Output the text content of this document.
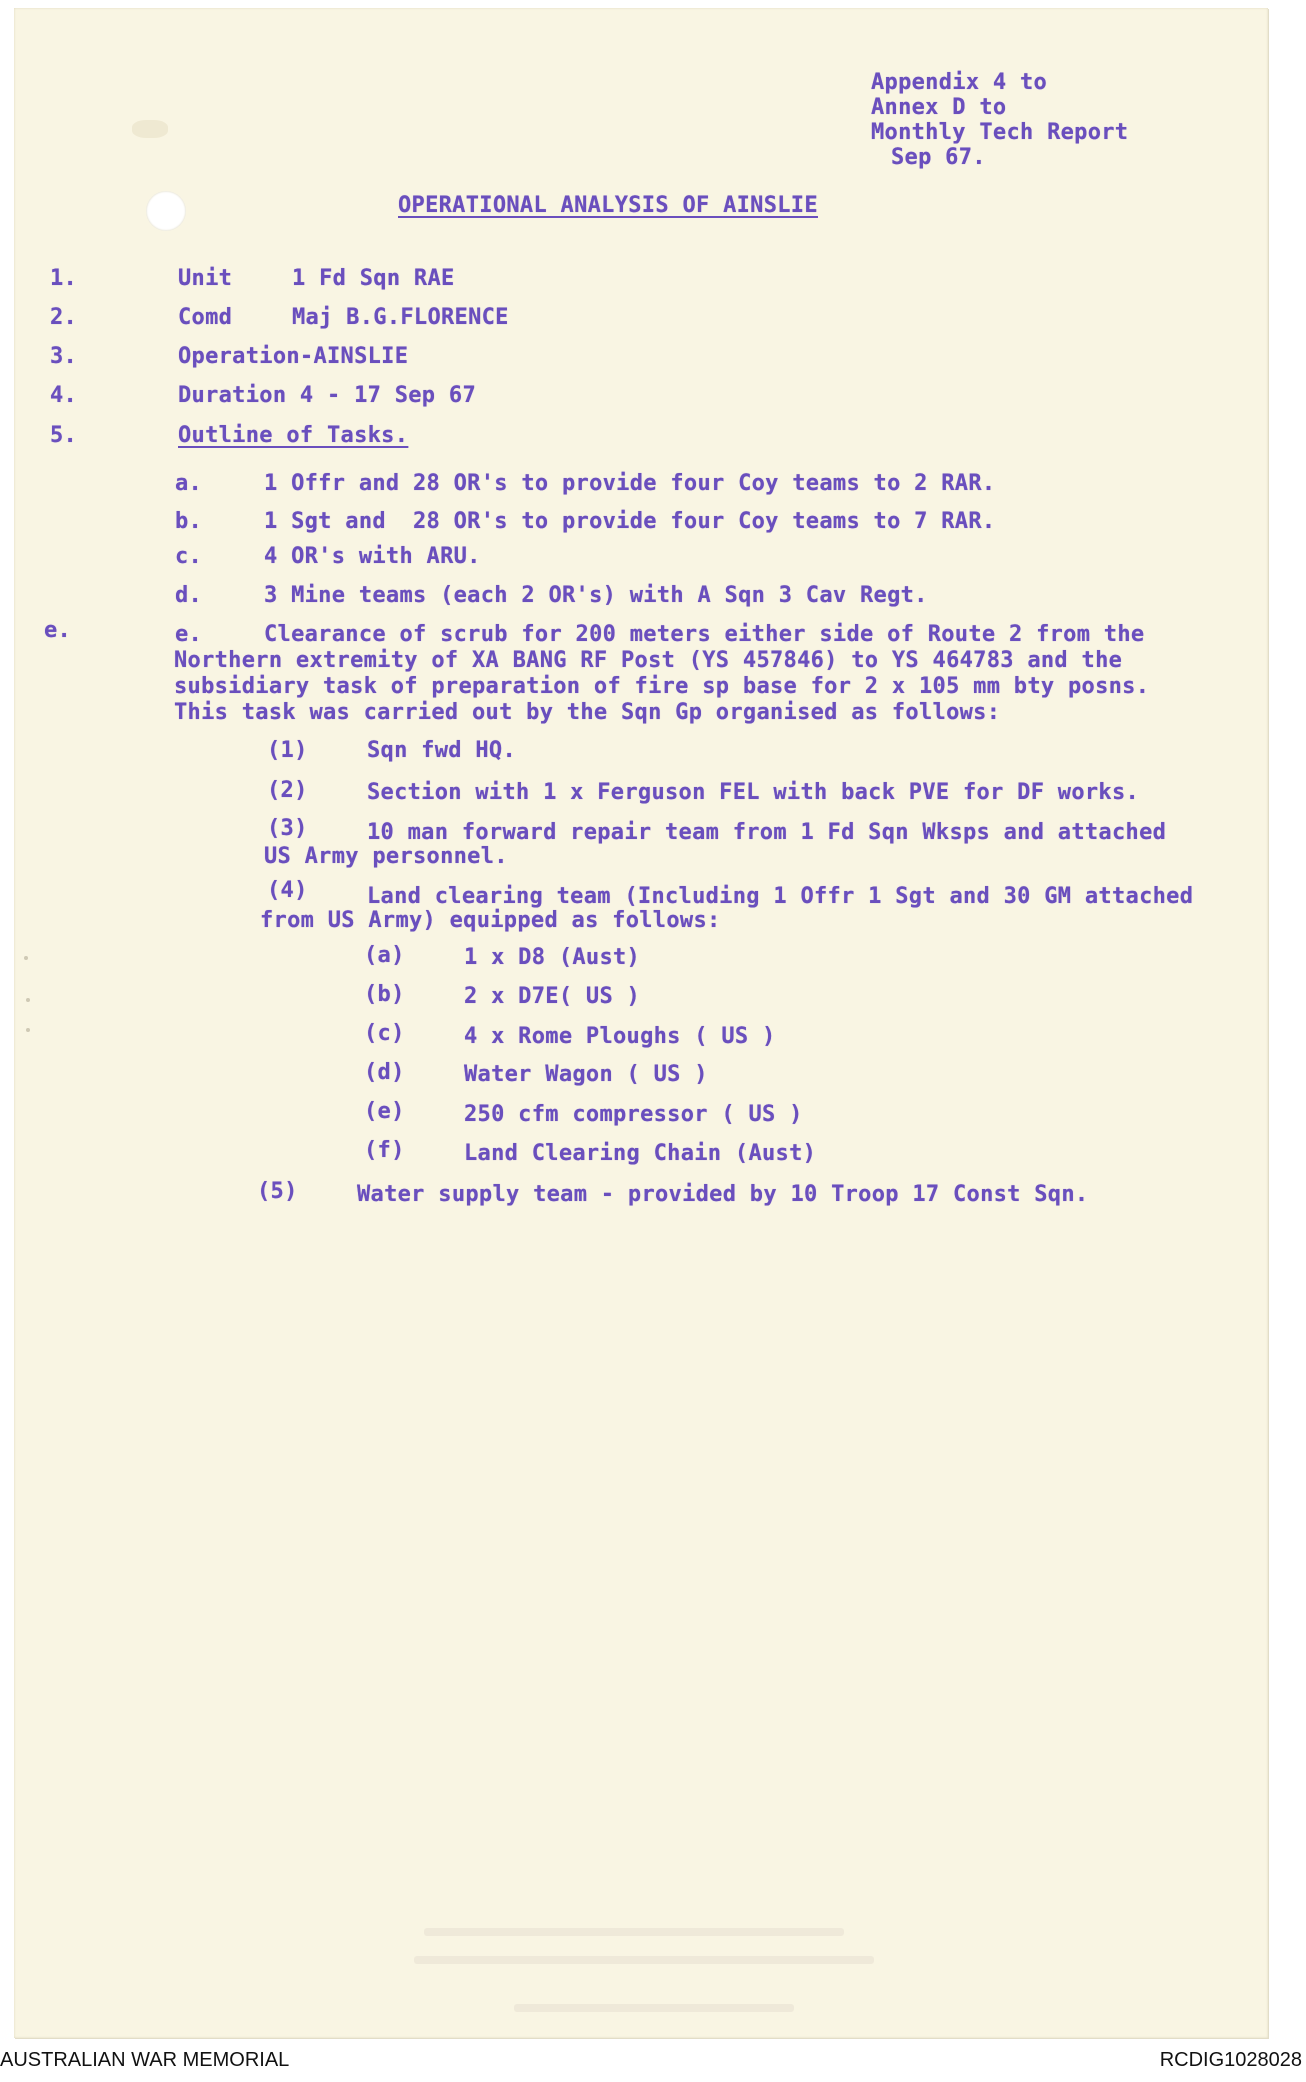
Appendix 4 to
Annex D to
Monthly Tech Report
Sep 67.
OPERATIONAL ANALYSIS OF AINSLIE
1.	Unit	1 Fd Sqn RAE
2.	Comd	Maj B.G.FLORENCE
3.	Operation-AINSLIE
4.	Duration 4 - 17 Sep 67
5.	Outline of Tasks.
a.	1 Offr and 28 OR's to provide four Coy teams to 2 RAR.
b.	1 Sgt and  28 OR's to provide four Coy teams to 7 RAR.
c.	4 OR's with ARU.
d.	3 Mine teams (each 2 OR's) with A Sqn 3 Cav Regt.
e.	e.	Clearance of scrub for 200 meters either side of Route 2 from the
Northern extremity of XA BANG RF Post (YS 457846) to YS 464783 and the
subsidiary task of preparation of fire sp base for 2 x 105 mm bty posns.
This task was carried out by the Sqn Gp organised as follows:
(1)	Sqn fwd HQ.
(2)	Section with 1 x Ferguson FEL with back PVE for DF works.
(3)	10 man forward repair team from 1 Fd Sqn Wksps and attached
US Army personnel.
(4)	Land clearing team (Including 1 Offr 1 Sgt and 30 GM attached
from US Army) equipped as follows:
(a)	1 x D8 (Aust)
(b)	2 x D7E( US )
(c)	4 x Rome Ploughs ( US )
(d)	Water Wagon ( US )
(e)	250 cfm compressor ( US )
(f)	Land Clearing Chain (Aust)
(5)	Water supply team - provided by 10 Troop 17 Const Sqn.
AUSTRALIAN WAR MEMORIAL	RCDIG1028028
